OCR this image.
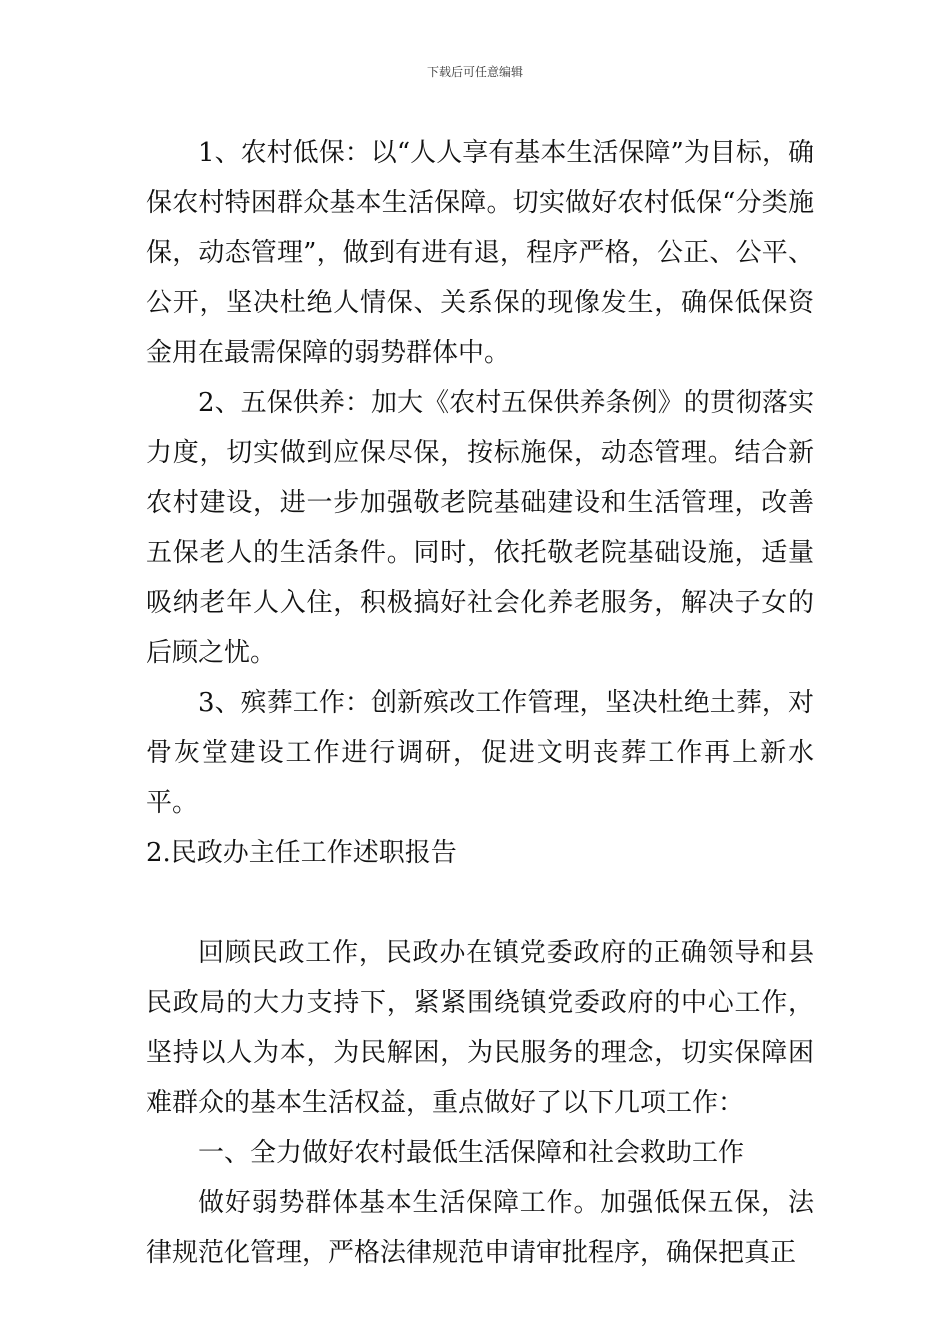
下载后可任意编辑

1、农村低保：以“人人享有基本生活保障”为目标，确保农村特困群众基本生活保障。切实做好农村低保“分类施保，动态管理”，做到有进有退，程序严格，公正、公平、公开，坚决杜绝人情保、关系保的现像发生，确保低保资金用在最需保障的弱势群体中。

2、五保供养：加大《农村五保供养条例》的贯彻落实力度，切实做到应保尽保，按标施保，动态管理。结合新农村建设，进一步加强敬老院基础建设和生活管理，改善五保老人的生活条件。同时，依托敬老院基础设施，适量吸纳老年人入住，积极搞好社会化养老服务，解决子女的后顾之忧。

3、殡葬工作：创新殡改工作管理，坚决杜绝土葬，对骨灰堂建设工作进行调研，促进文明丧葬工作再上新水平。

2.民政办主任工作述职报告

回顾民政工作，民政办在镇党委政府的正确领导和县民政局的大力支持下，紧紧围绕镇党委政府的中心工作，坚持以人为本，为民解困，为民服务的理念，切实保障困难群众的基本生活权益，重点做好了以下几项工作：

一、全力做好农村最低生活保障和社会救助工作

做好弱势群体基本生活保障工作。加强低保五保，法律规范化管理，严格法律规范申请审批程序，确保把真正
